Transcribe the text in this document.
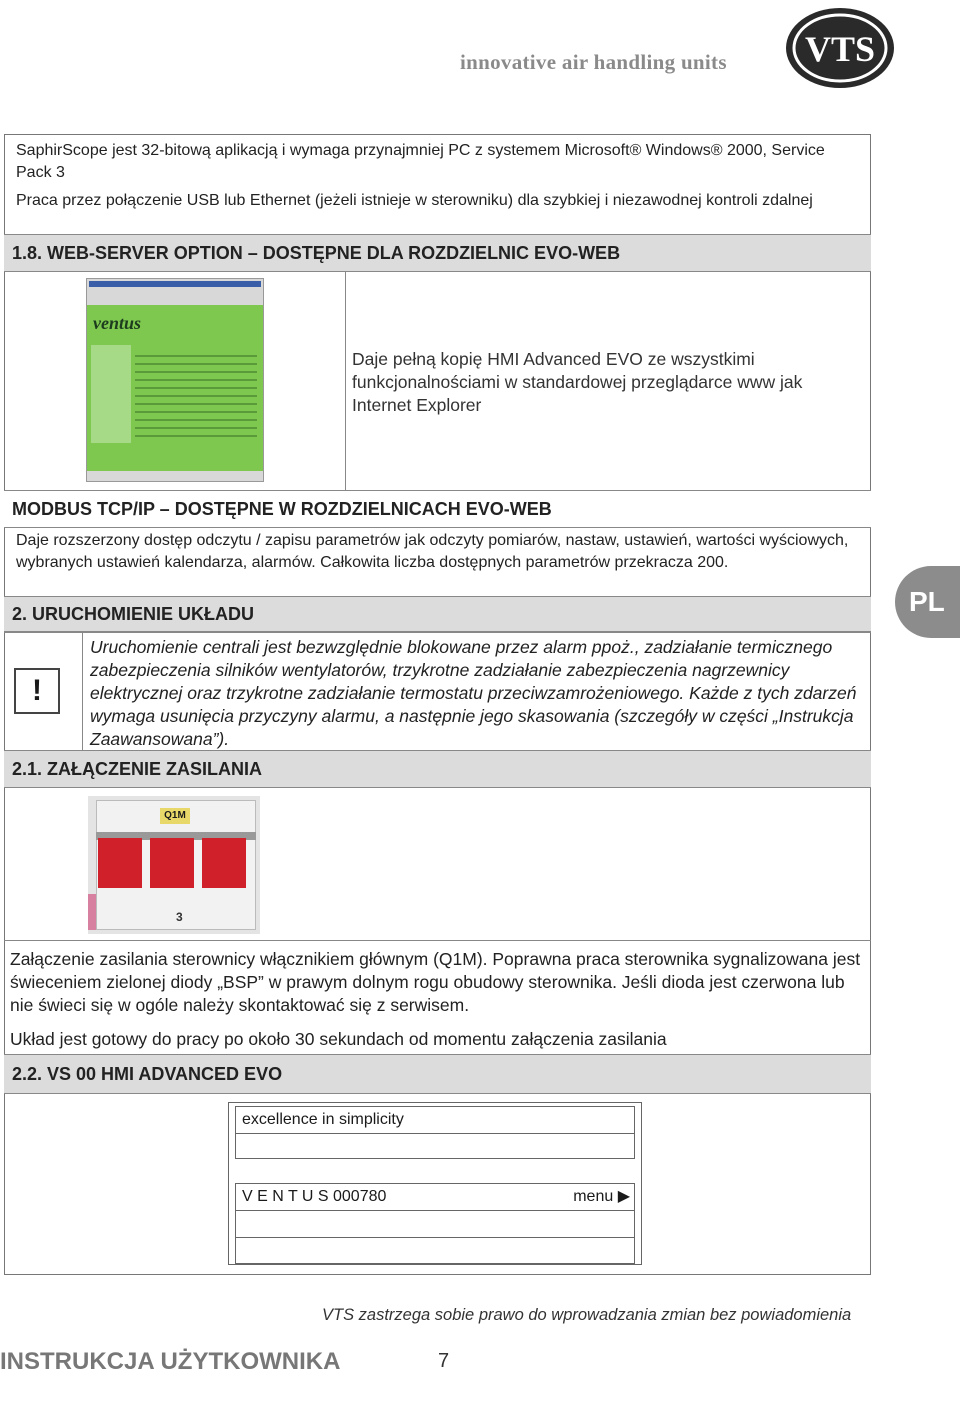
innovative air handling units VTS
SaphirScope jest 32-bitową aplikacją i wymaga przynajmniej PC z systemem Microsoft® Windows® 2000, Service Pack 3
Praca przez połączenie USB lub Ethernet (jeżeli istnieje w sterowniku) dla szybkiej i niezawodnej kontroli zdalnej
1.8. WEB-SERVER OPTION – DOSTĘPNE DLA ROZDZIELNIC EVO-WEB
ventus
Daje pełną kopię HMI Advanced EVO ze wszystkimi funkcjonalnościami w standardowej przeglądarce www jak Internet Explorer
MODBUS TCP/IP – DOSTĘPNE W ROZDZIELNICACH EVO-WEB
Daje rozszerzony dostęp odczytu / zapisu parametrów jak odczyty pomiarów, nastaw, ustawień, wartości wyściowych, wybranych ustawień kalendarza, alarmów. Całkowita liczba dostępnych parametrów przekracza 200.
2. URUCHOMIENIE UKŁADU	PL
!
Uruchomienie centrali jest bezwzględnie blokowane przez alarm ppoż., zadziałanie termicznego zabezpieczenia silników wentylatorów, trzykrotne zadziałanie zabezpieczenia nagrzewnicy elektrycznej oraz trzykrotne zadziałanie termostatu przeciwzamrożeniowego. Każde z tych zdarzeń wymaga usunięcia przyczyny alarmu, a następnie jego skasowania (szczegóły w części „Instrukcja Zaawansowana”).
2.1. ZAŁĄCZENIE ZASILANIA
Q1M
3
Załączenie zasilania sterownicy włącznikiem głównym (Q1M). Poprawna praca sterownika sygnalizowana jest świeceniem zielonej diody „BSP” w prawym dolnym rogu obudowy sterownika. Jeśli dioda jest czerwona lub nie świeci się w ogóle należy skontaktować się z serwisem.
Układ jest gotowy do pracy po około 30 sekundach od momentu załączenia zasilania
2.2. VS 00 HMI ADVANCED EVO
excellence in simplicity
V E N T U S 000780	menu ▶
VTS zastrzega sobie prawo do wprowadzania zmian bez powiadomienia
INSTRUKCJA UŻYTKOWNIKA	7
